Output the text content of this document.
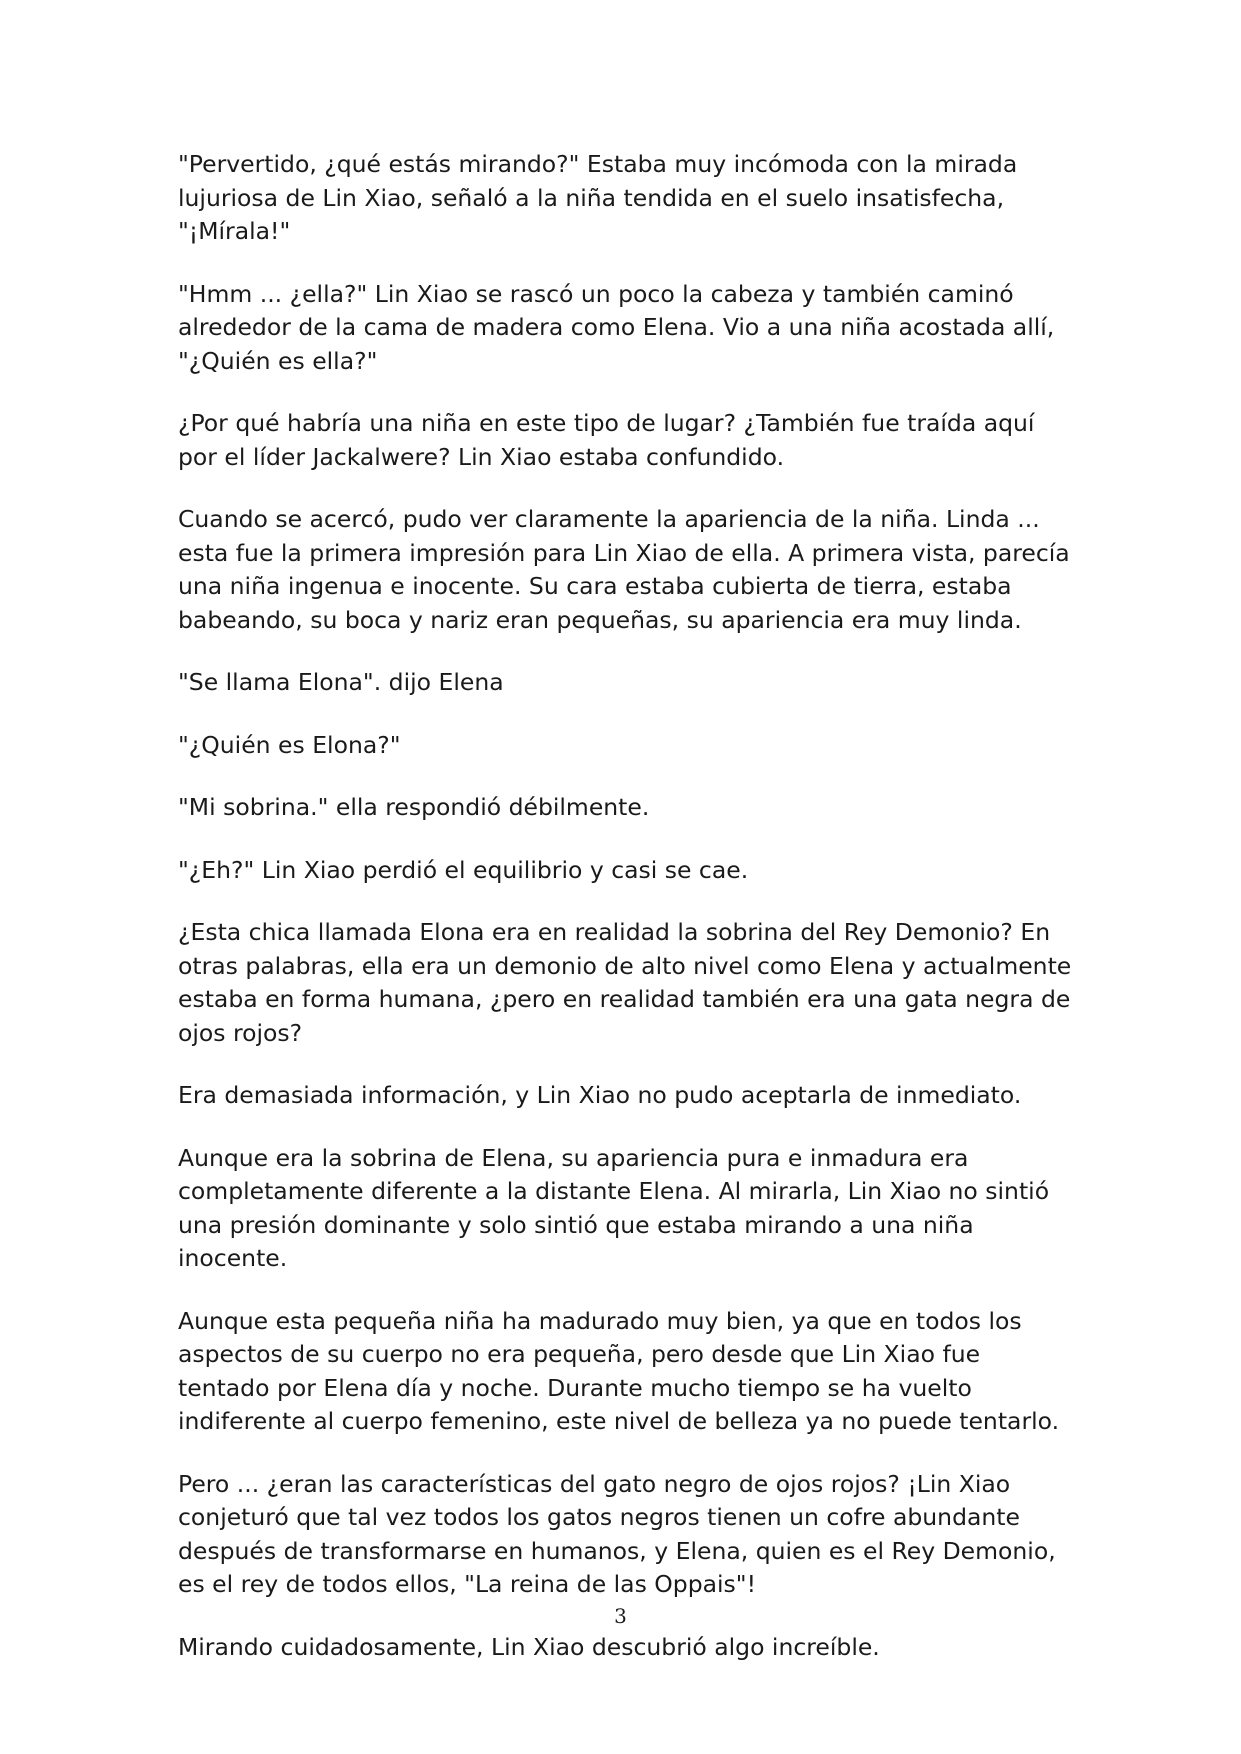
"Pervertido, ¿qué estás mirando?" Estaba muy incómoda con la mirada lujuriosa de Lin Xiao, señaló a la niña tendida en el suelo insatisfecha, "¡Mírala!"

"Hmm ... ¿ella?" Lin Xiao se rascó un poco la cabeza y también caminó alrededor de la cama de madera como Elena. Vio a una niña acostada allí, "¿Quién es ella?"

¿Por qué habría una niña en este tipo de lugar? ¿También fue traída aquí por el líder Jackalwere? Lin Xiao estaba confundido.

Cuando se acercó, pudo ver claramente la apariencia de la niña. Linda ... esta fue la primera impresión para Lin Xiao de ella. A primera vista, parecía una niña ingenua e inocente. Su cara estaba cubierta de tierra, estaba babeando, su boca y nariz eran pequeñas, su apariencia era muy linda.

"Se llama Elona". dijo Elena

"¿Quién es Elona?"

"Mi sobrina." ella respondió débilmente.

"¿Eh?" Lin Xiao perdió el equilibrio y casi se cae.

¿Esta chica llamada Elona era en realidad la sobrina del Rey Demonio? En otras palabras, ella era un demonio de alto nivel como Elena y actualmente estaba en forma humana, ¿pero en realidad también era una gata negra de ojos rojos?

Era demasiada información, y Lin Xiao no pudo aceptarla de inmediato.

Aunque era la sobrina de Elena, su apariencia pura e inmadura era completamente diferente a la distante Elena. Al mirarla, Lin Xiao no sintió una presión dominante y solo sintió que estaba mirando a una niña inocente.

Aunque esta pequeña niña ha madurado muy bien, ya que en todos los aspectos de su cuerpo no era pequeña, pero desde que Lin Xiao fue tentado por Elena día y noche. Durante mucho tiempo se ha vuelto indiferente al cuerpo femenino, este nivel de belleza ya no puede tentarlo.

Pero ... ¿eran las características del gato negro de ojos rojos? ¡Lin Xiao conjeturó que tal vez todos los gatos negros tienen un cofre abundante después de transformarse en humanos, y Elena, quien es el Rey Demonio, es el rey de todos ellos, "La reina de las Oppais"!

Mirando cuidadosamente, Lin Xiao descubrió algo increíble.

3
